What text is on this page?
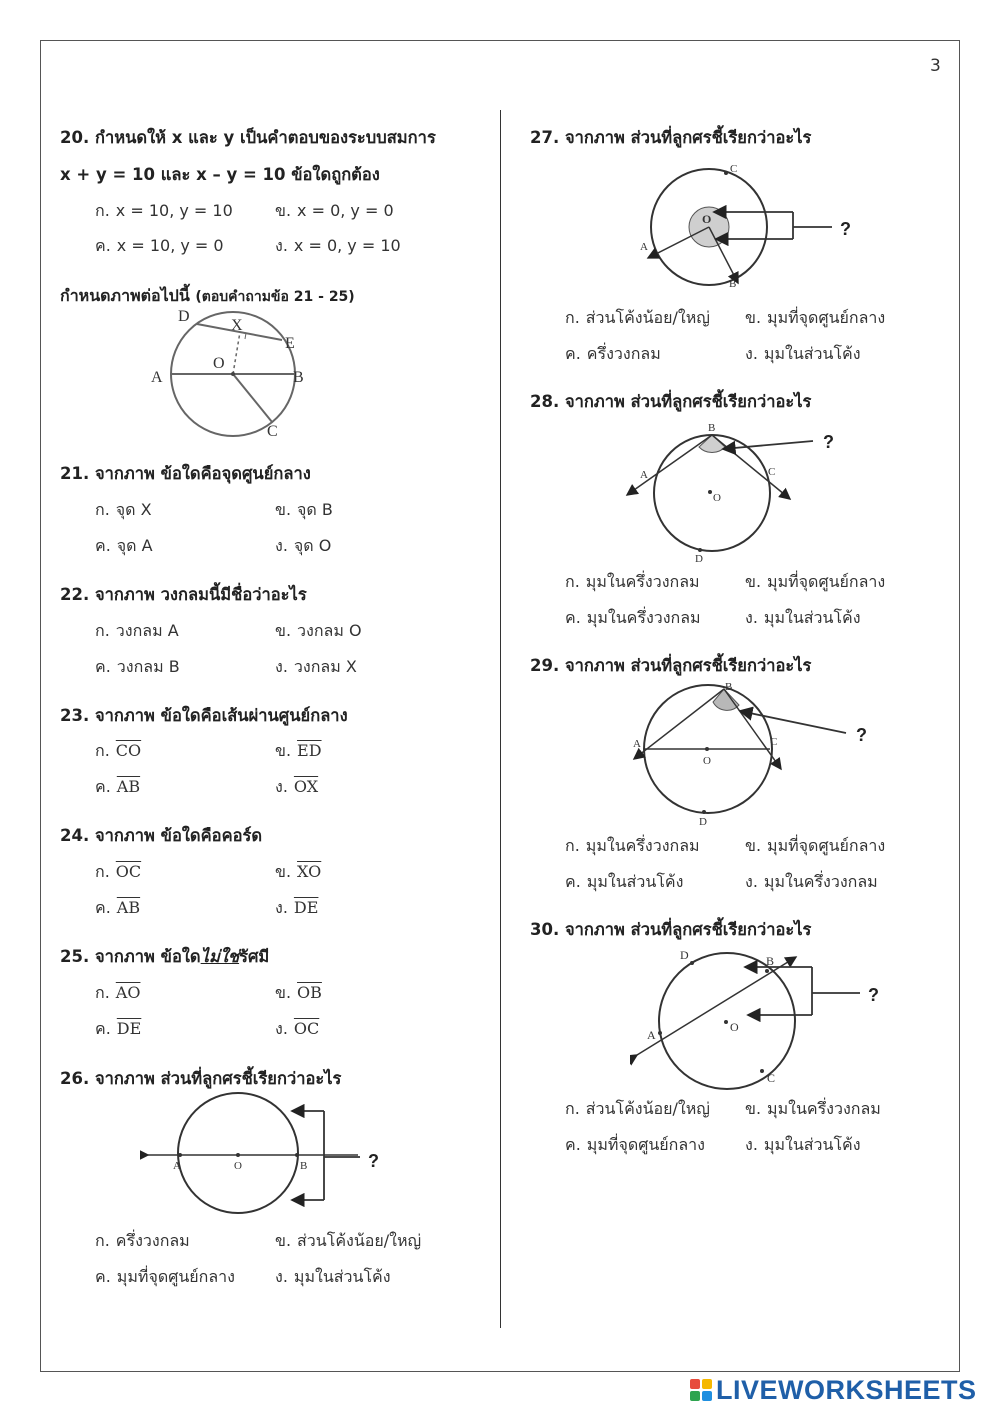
3
20. กำหนดให้ x และ y เป็นคำตอบของระบบสมการ
x + y = 10 และ x – y = 10 ข้อใดถูกต้อง
ก. x = 10, y = 10	ข. x = 0, y = 0
ค. x = 10, y = 0	ง. x = 0, y = 10
กำหนดภาพต่อไปนี้ (ตอบคำถามข้อ 21 - 25)
D
X
E
O
A	B
C
21. จากภาพ ข้อใดคือจุดศูนย์กลาง
ก. จุด X	ข. จุด B
ค. จุด A	ง. จุด O
22. จากภาพ วงกลมนี้มีชื่อว่าอะไร
ก. วงกลม A	ข. วงกลม O
ค. วงกลม B	ง. วงกลม X
23. จากภาพ ข้อใดคือเส้นผ่านศูนย์กลาง
ก. $\overline{CO}$	ข. $\overline{ED}$
ค. $\overline{AB}$	ง. $\overline{OX}$
24. จากภาพ ข้อใดคือคอร์ด
ก. $\overline{OC}$	ข. $\overline{XO}$
ค. $\overline{AB}$	ง. $\overline{DE}$
25. จากภาพ ข้อใดไม่ใช่รัศมี
ก. $\overline{AO}$	ข. $\overline{OB}$
ค. $\overline{DE}$	ง. $\overline{OC}$
26. จากภาพ ส่วนที่ลูกศรชี้เรียกว่าอะไร
?
A	O	B
ก. ครึ่งวงกลม	ข. ส่วนโค้งน้อย/ใหญ่
ค. มุมที่จุดศูนย์กลาง	ง. มุมในส่วนโค้ง
27. จากภาพ ส่วนที่ลูกศรชี้เรียกว่าอะไร
?
C
O
A
B
ก. ส่วนโค้งน้อย/ใหญ่ ข. มุมที่จุดศูนย์กลาง
ค. ครึ่งวงกลม	ง. มุมในส่วนโค้ง
28. จากภาพ ส่วนที่ลูกศรชี้เรียกว่าอะไร
?
B
A	C
O
D
ก. มุมในครึ่งวงกลม	ข. มุมที่จุดศูนย์กลาง
ค. มุมในครึ่งวงกลม	ง. มุมในส่วนโค้ง
29. จากภาพ ส่วนที่ลูกศรชี้เรียกว่าอะไร
?
B
A	C
O
D
ก. มุมในครึ่งวงกลม	ข. มุมที่จุดศูนย์กลาง
ค. มุมในส่วนโค้ง	ง. มุมในครึ่งวงกลม
30. จากภาพ ส่วนที่ลูกศรชี้เรียกว่าอะไร
?
D	B
A
O
C
ก. ส่วนโค้งน้อย/ใหญ่ ข. มุมในครึ่งวงกลม
ค. มุมที่จุดศูนย์กลาง	ง. มุมในส่วนโค้ง
LIVEWORKSHEETS
